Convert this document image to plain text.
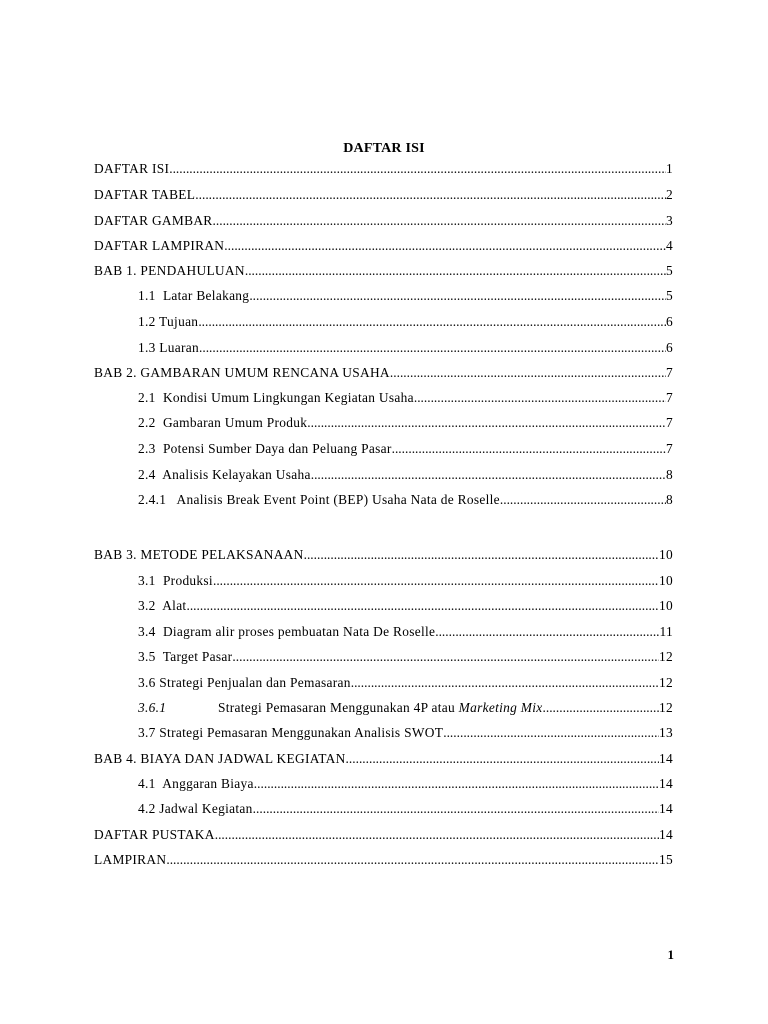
DAFTAR ISI
DAFTAR ISI .....	1
DAFTAR TABEL .....	2
DAFTAR GAMBAR .....	3
DAFTAR LAMPIRAN .....	4
BAB 1. PENDAHULUAN .....	5
1.1 Latar Belakang .....	5
1.2 Tujuan .....	6
1.3 Luaran .....	6
BAB 2. GAMBARAN UMUM RENCANA USAHA .....	7
2.1 Kondisi Umum Lingkungan Kegiatan Usaha .....	7
2.2 Gambaran Umum Produk .....	7
2.3 Potensi Sumber Daya dan Peluang Pasar .....	7
2.4 Analisis Kelayakan Usaha .....	8
2.4.1 Analisis Break Event Point (BEP) Usaha Nata de Roselle .....	8
BAB 3. METODE PELAKSANAAN .....	10
3.1 Produksi .....	10
3.2 Alat .....	10
3.4 Diagram alir proses pembuatan Nata De Roselle .....	11
3.5 Target Pasar .....	12
3.6 Strategi Penjualan dan Pemasaran .....	12
3.6.1	Strategi Pemasaran Menggunakan 4P atau Marketing Mix .....	12
3.7 Strategi Pemasaran Menggunakan Analisis SWOT .....	13
BAB 4. BIAYA DAN JADWAL KEGIATAN .....	14
4.1 Anggaran Biaya .....	14
4.2 Jadwal Kegiatan .....	14
DAFTAR PUSTAKA .....	14
LAMPIRAN .....	15
1
